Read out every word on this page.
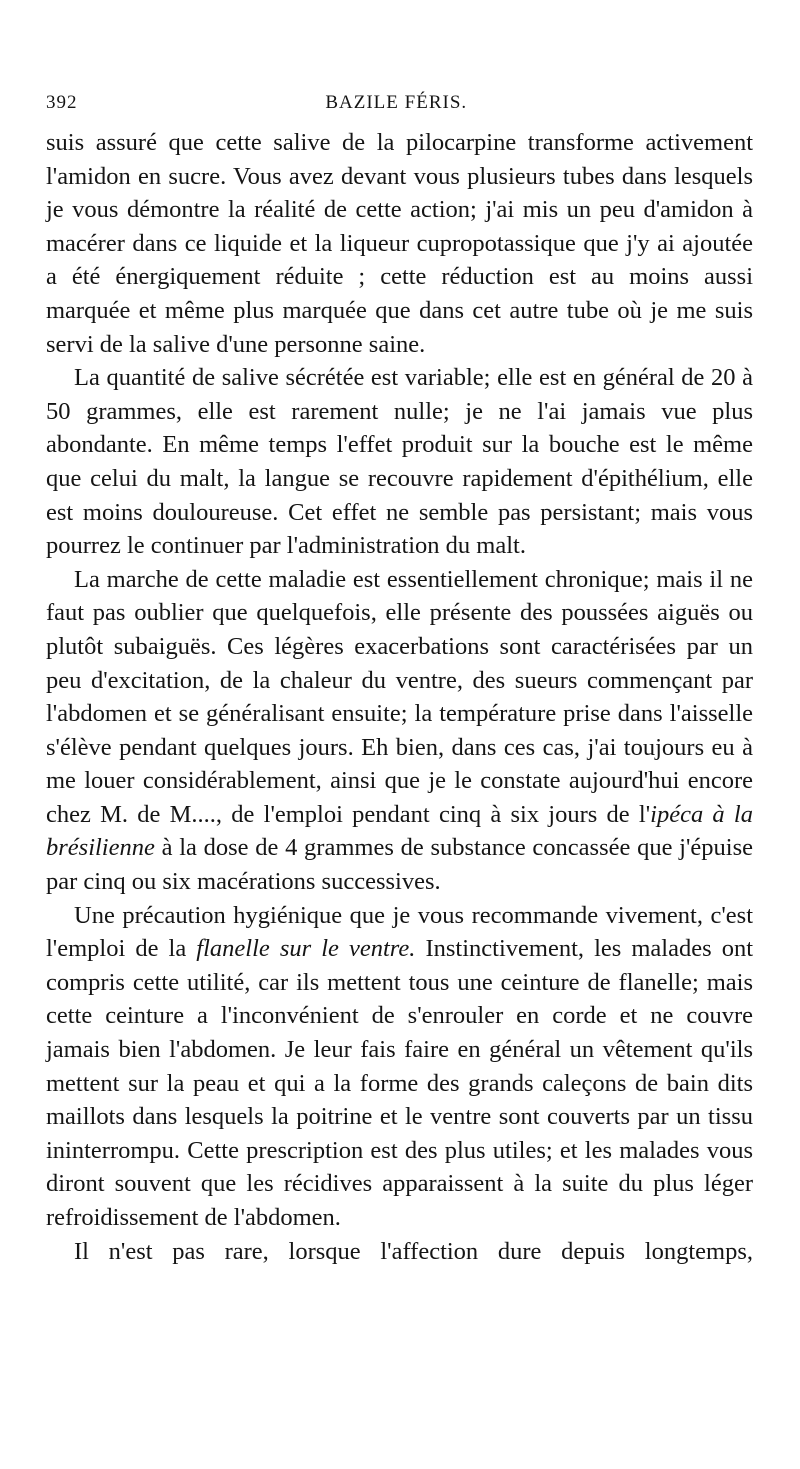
392	BAZILE FÉRIS.

suis assuré que cette salive de la pilocarpine transforme activement l'amidon en sucre. Vous avez devant vous plusieurs tubes dans lesquels je vous démontre la réalité de cette action; j'ai mis un peu d'amidon à macérer dans ce liquide et la liqueur cupropotassique que j'y ai ajoutée a été énergiquement réduite ; cette réduction est au moins aussi marquée et même plus marquée que dans cet autre tube où je me suis servi de la salive d'une personne saine.

La quantité de salive sécrétée est variable; elle est en général de 20 à 50 grammes, elle est rarement nulle; je ne l'ai jamais vue plus abondante. En même temps l'effet produit sur la bouche est le même que celui du malt, la langue se recouvre rapidement d'épithélium, elle est moins douloureuse. Cet effet ne semble pas persistant; mais vous pourrez le continuer par l'administration du malt.

La marche de cette maladie est essentiellement chronique; mais il ne faut pas oublier que quelquefois, elle présente des poussées aiguës ou plutôt subaiguës. Ces légères exacerbations sont caractérisées par un peu d'excitation, de la chaleur du ventre, des sueurs commençant par l'abdomen et se généralisant ensuite; la température prise dans l'aisselle s'élève pendant quelques jours. Eh bien, dans ces cas, j'ai toujours eu à me louer considérablement, ainsi que je le constate aujourd'hui encore chez M. de M...., de l'emploi pendant cinq à six jours de l'ipéca à la brésilienne à la dose de 4 grammes de substance concassée que j'épuise par cinq ou six macérations successives.

Une précaution hygiénique que je vous recommande vivement, c'est l'emploi de la flanelle sur le ventre. Instinctivement, les malades ont compris cette utilité, car ils mettent tous une ceinture de flanelle; mais cette ceinture a l'inconvénient de s'enrouler en corde et ne couvre jamais bien l'abdomen. Je leur fais faire en général un vêtement qu'ils mettent sur la peau et qui a la forme des grands caleçons de bain dits maillots dans lesquels la poitrine et le ventre sont couverts par un tissu ininterrompu. Cette prescription est des plus utiles; et les malades vous diront souvent que les récidives apparaissent à la suite du plus léger refroidissement de l'abdomen.

Il n'est pas rare, lorsque l'affection dure depuis longtemps,
